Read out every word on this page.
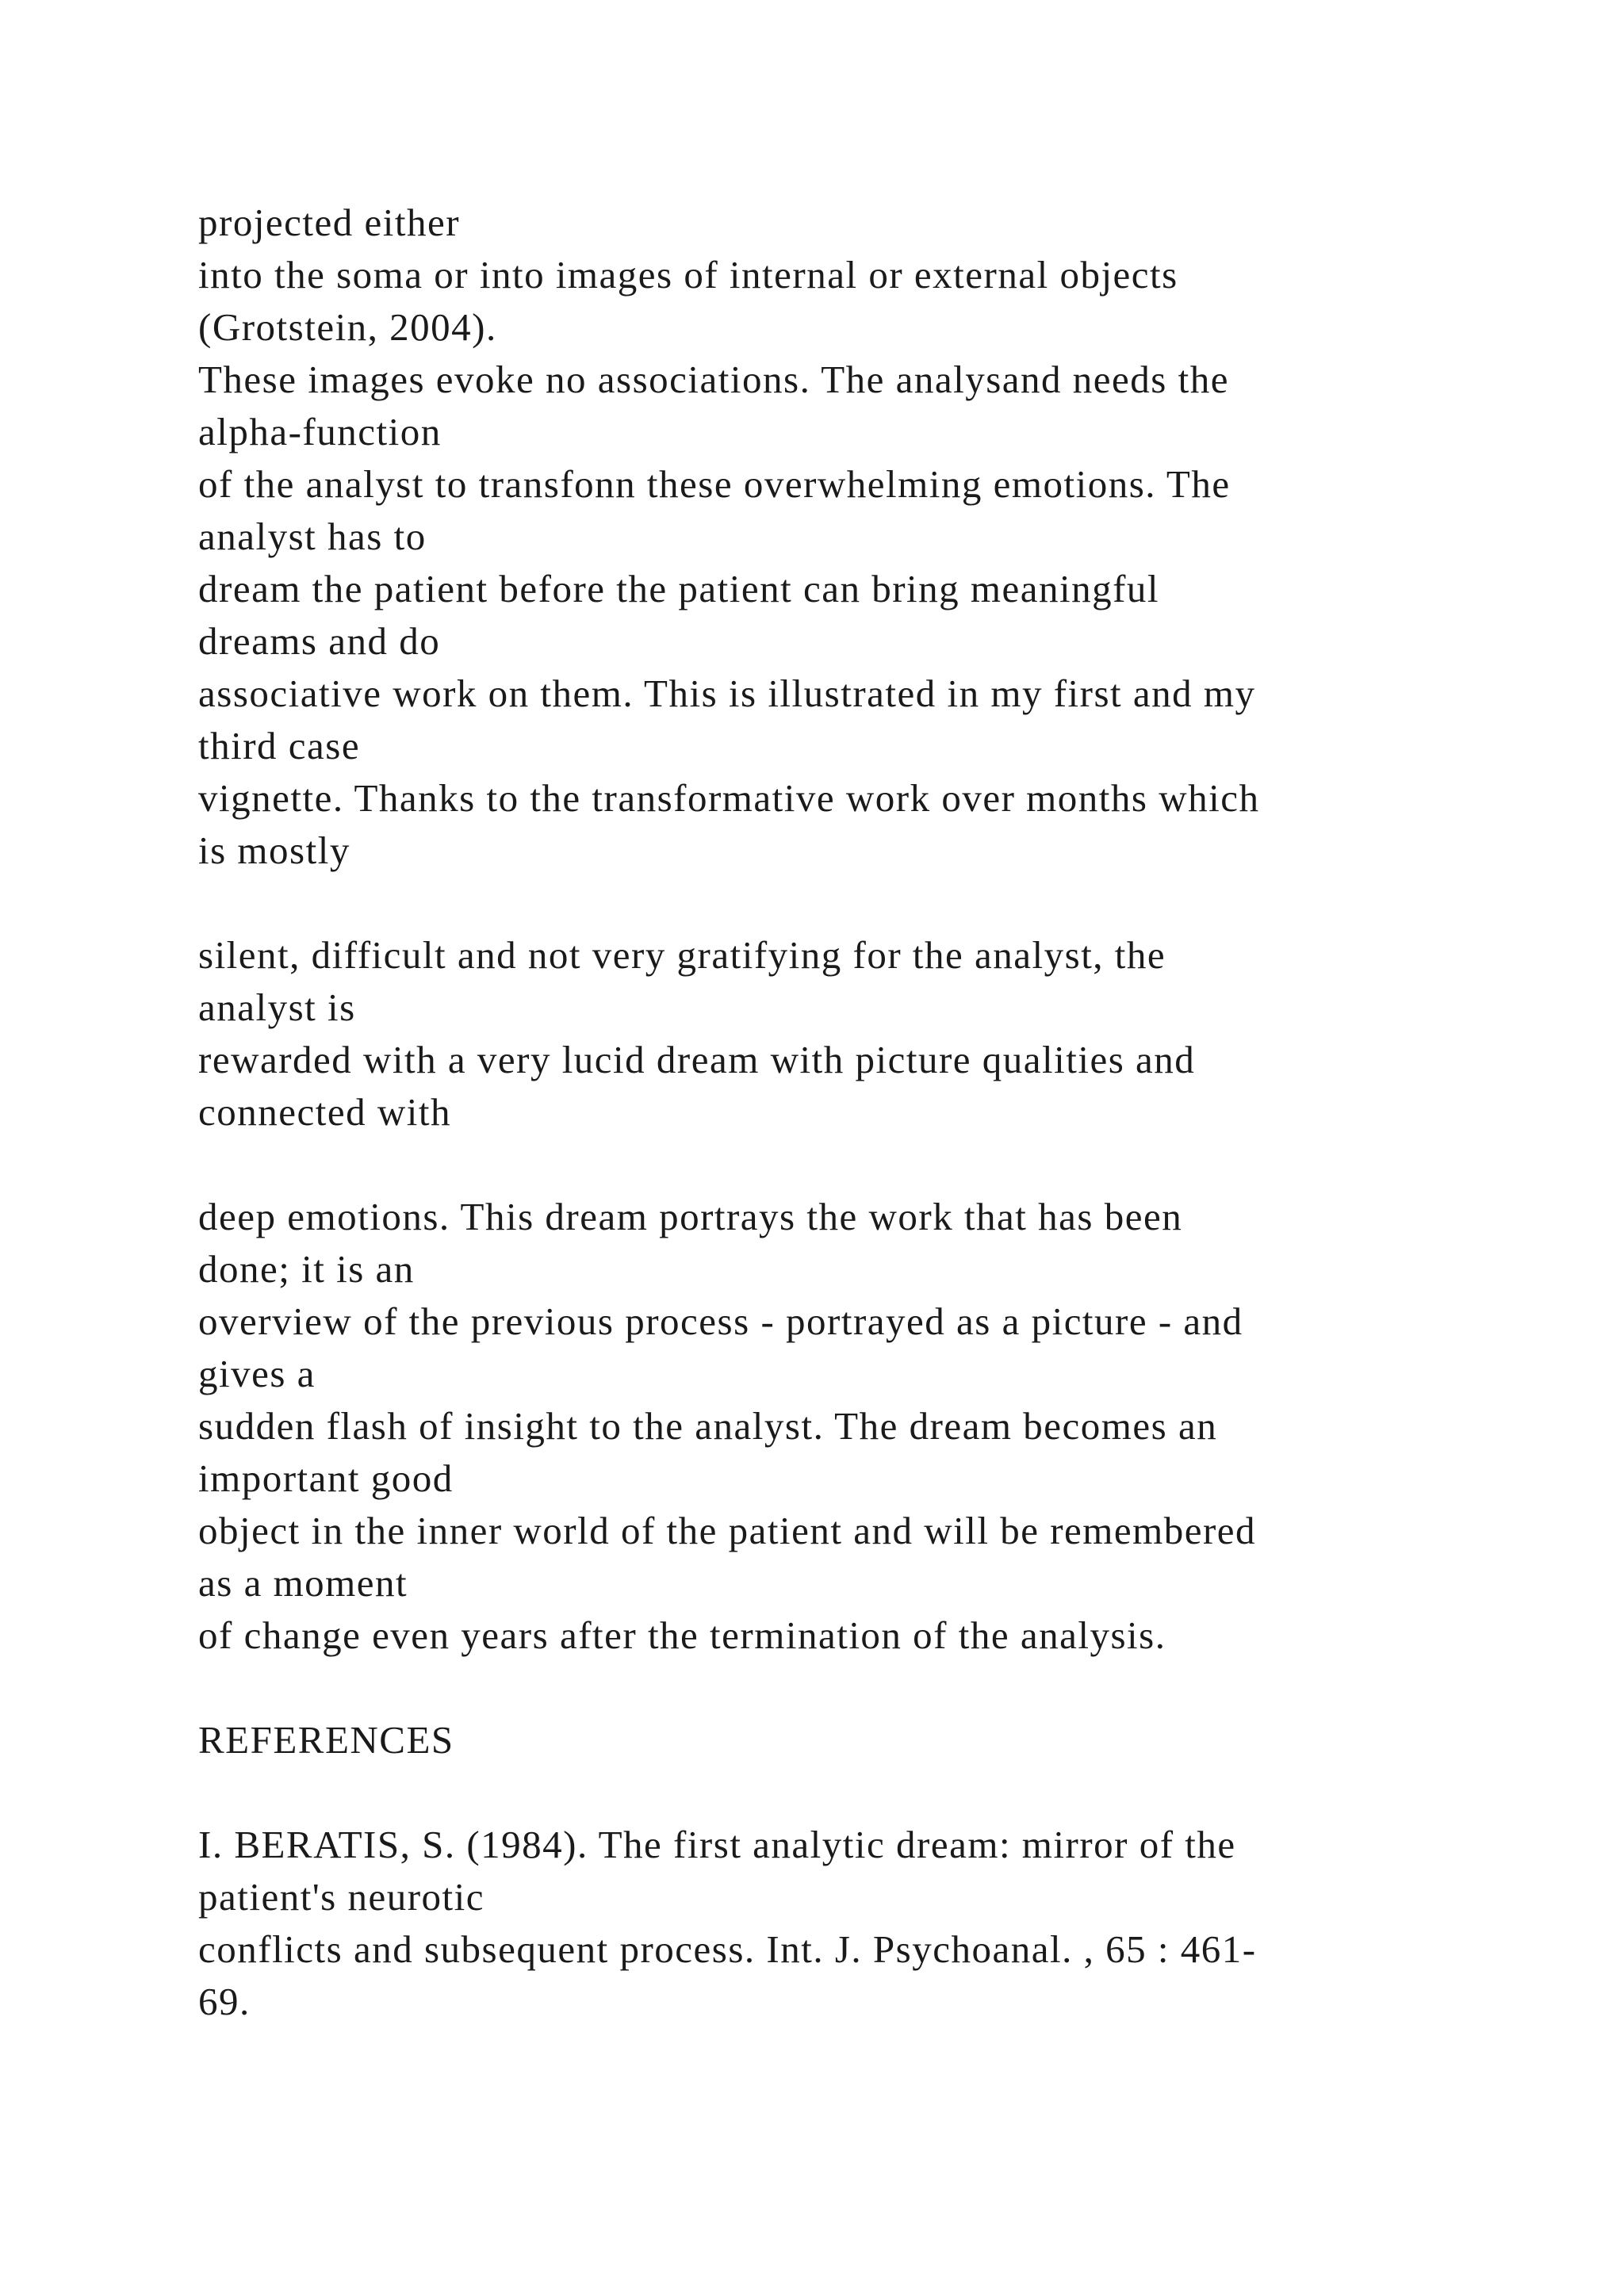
projected either
into the soma or into images of internal or external objects
(Grotstein, 2004).
These images evoke no associations. The analysand needs the
alpha-function
of the analyst to transfonn these overwhelming emotions. The
analyst has to
dream the patient before the patient can bring meaningful
dreams and do
associative work on them. This is illustrated in my first and my
third case
vignette. Thanks to the transformative work over months which
is mostly
silent, difficult and not very gratifying for the analyst, the
analyst is
rewarded with a very lucid dream with picture qualities and
connected with
deep emotions. This dream portrays the work that has been
done; it is an
overview of the previous process - portrayed as a picture - and
gives a
sudden flash of insight to the analyst. The dream becomes an
important good
object in the inner world of the patient and will be remembered
as a moment
of change even years after the termination of the analysis.
REFERENCES
I. BERATIS, S. (1984). The first analytic dream: mirror of the
patient's neurotic
conflicts and subsequent process. Int. J. Psychoanal. , 65 : 461-
69.
